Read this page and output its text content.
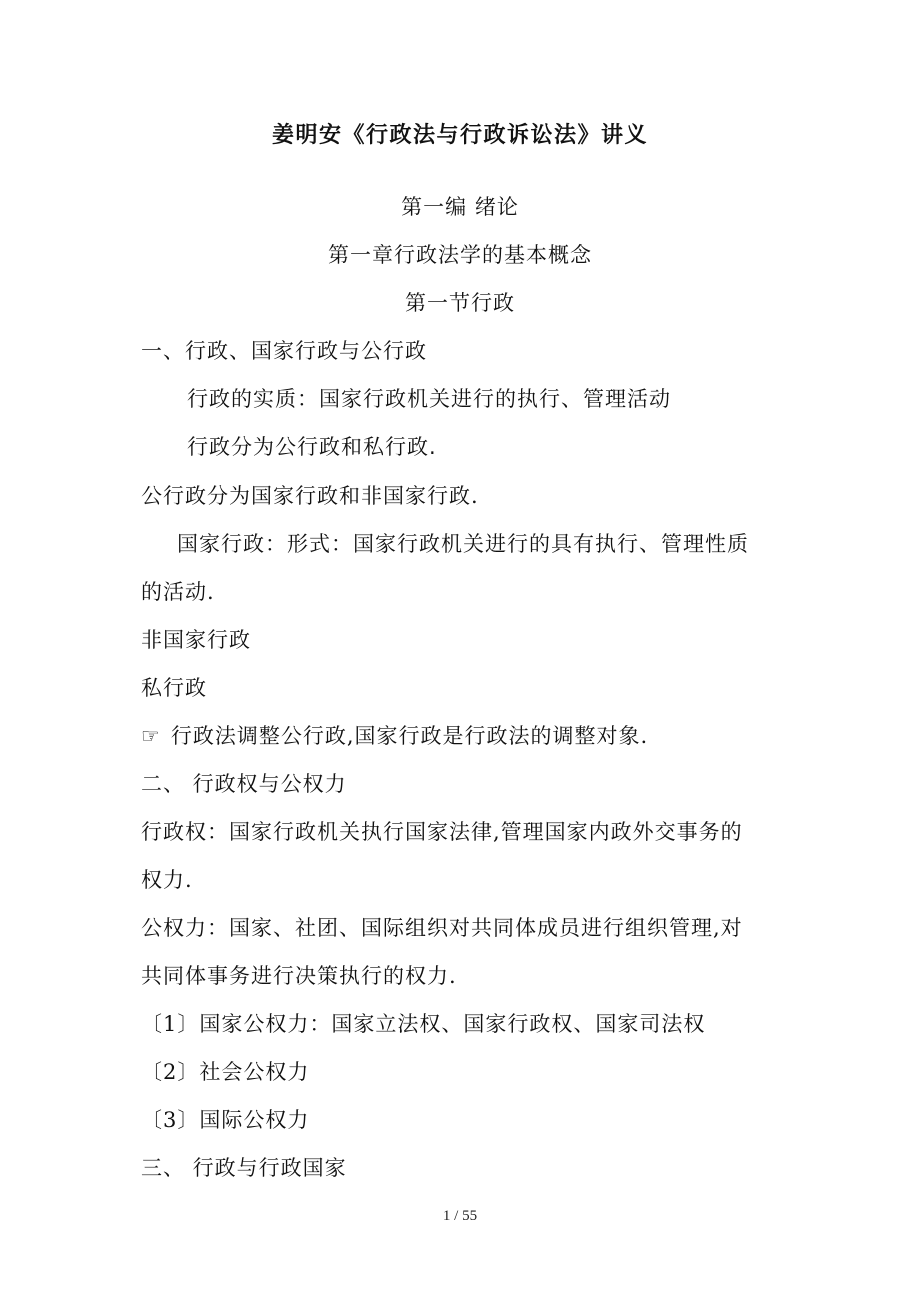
姜明安《行政法与行政诉讼法》讲义
第一编 绪论
第一章行政法学的基本概念
第一节行政
一、行政、国家行政与公行政
行政的实质：国家行政机关进行的执行、管理活动
行政分为公行政和私行政.
公行政分为国家行政和非国家行政.
国家行政：形式：国家行政机关进行的具有执行、管理性质
的活动.
非国家行政
私行政
☞ 行政法调整公行政,国家行政是行政法的调整对象.
二、 行政权与公权力
行政权：国家行政机关执行国家法律,管理国家内政外交事务的
权力.
公权力：国家、社团、国际组织对共同体成员进行组织管理,对
共同体事务进行决策执行的权力.
〔1〕国家公权力：国家立法权、国家行政权、国家司法权
〔2〕社会公权力
〔3〕国际公权力
三、 行政与行政国家
1 / 55
